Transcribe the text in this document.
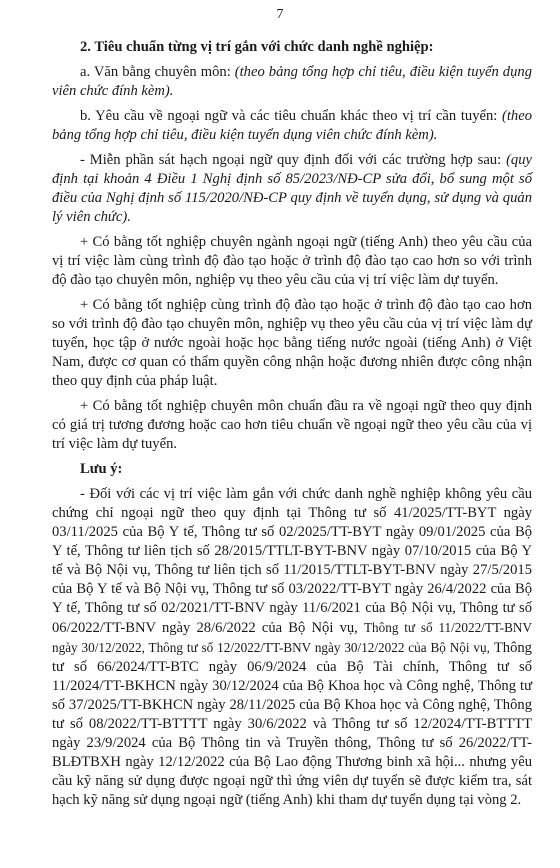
7

2. Tiêu chuẩn từng vị trí gắn với chức danh nghề nghiệp:

a. Văn bằng chuyên môn: (theo bảng tổng hợp chỉ tiêu, điều kiện tuyển dụng viên chức đính kèm).

b. Yêu cầu về ngoại ngữ và các tiêu chuẩn khác theo vị trí cần tuyển: (theo bảng tổng hợp chỉ tiêu, điều kiện tuyển dụng viên chức đính kèm).

- Miễn phần sát hạch ngoại ngữ quy định đối với các trường hợp sau: (quy định tại khoản 4 Điều 1 Nghị định số 85/2023/NĐ-CP sửa đổi, bổ sung một số điều của Nghị định số 115/2020/NĐ-CP quy định về tuyển dụng, sử dụng và quản lý viên chức).

+ Có bằng tốt nghiệp chuyên ngành ngoại ngữ (tiếng Anh) theo yêu cầu của vị trí việc làm cùng trình độ đào tạo hoặc ở trình độ đào tạo cao hơn so với trình độ đào tạo chuyên môn, nghiệp vụ theo yêu cầu của vị trí việc làm dự tuyển.

+ Có bằng tốt nghiệp cùng trình độ đào tạo hoặc ở trình độ đào tạo cao hơn so với trình độ đào tạo chuyên môn, nghiệp vụ theo yêu cầu của vị trí việc làm dự tuyển, học tập ở nước ngoài hoặc học bằng tiếng nước ngoài (tiếng Anh) ở Việt Nam, được cơ quan có thẩm quyền công nhận hoặc đương nhiên được công nhận theo quy định của pháp luật.

+ Có bằng tốt nghiệp chuyên môn chuẩn đầu ra về ngoại ngữ theo quy định có giá trị tương đương hoặc cao hơn tiêu chuẩn về ngoại ngữ theo yêu cầu của vị trí việc làm dự tuyển.

Lưu ý:

- Đối với các vị trí việc làm gắn với chức danh nghề nghiệp không yêu cầu chứng chỉ ngoại ngữ theo quy định tại Thông tư số 41/2025/TT-BYT ngày 03/11/2025 của Bộ Y tế, Thông tư số 02/2025/TT-BYT ngày 09/01/2025 của Bộ Y tế, Thông tư liên tịch số 28/2015/TTLT-BYT-BNV ngày 07/10/2015 của Bộ Y tế và Bộ Nội vụ, Thông tư liên tịch số 11/2015/TTLT-BYT-BNV ngày 27/5/2015 của Bộ Y tế và Bộ Nội vụ, Thông tư số 03/2022/TT-BYT ngày 26/4/2022 của Bộ Y tế, Thông tư số 02/2021/TT-BNV ngày 11/6/2021 của Bộ Nội vụ, Thông tư số 06/2022/TT-BNV ngày 28/6/2022 của Bộ Nội vụ, Thông tư số 11/2022/TT-BNV ngày 30/12/2022, Thông tư số 12/2022/TT-BNV ngày 30/12/2022 của Bộ Nội vụ, Thông tư số 66/2024/TT-BTC ngày 06/9/2024 của Bộ Tài chính, Thông tư số 11/2024/TT-BKHCN ngày 30/12/2024 của Bộ Khoa học và Công nghệ, Thông tư số 37/2025/TT-BKHCN ngày 28/11/2025 của Bộ Khoa học và Công nghệ, Thông tư số 08/2022/TT-BTTTT ngày 30/6/2022 và Thông tư số 12/2024/TT-BTTTT ngày 23/9/2024 của Bộ Thông tin và Truyền thông, Thông tư số 26/2022/TT-BLĐTBXH ngày 12/12/2022 của Bộ Lao động Thương binh xã hội... nhưng yêu cầu kỹ năng sử dụng được ngoại ngữ thì ứng viên dự tuyển sẽ được kiểm tra, sát hạch kỹ năng sử dụng ngoại ngữ (tiếng Anh) khi tham dự tuyển dụng tại vòng 2.
